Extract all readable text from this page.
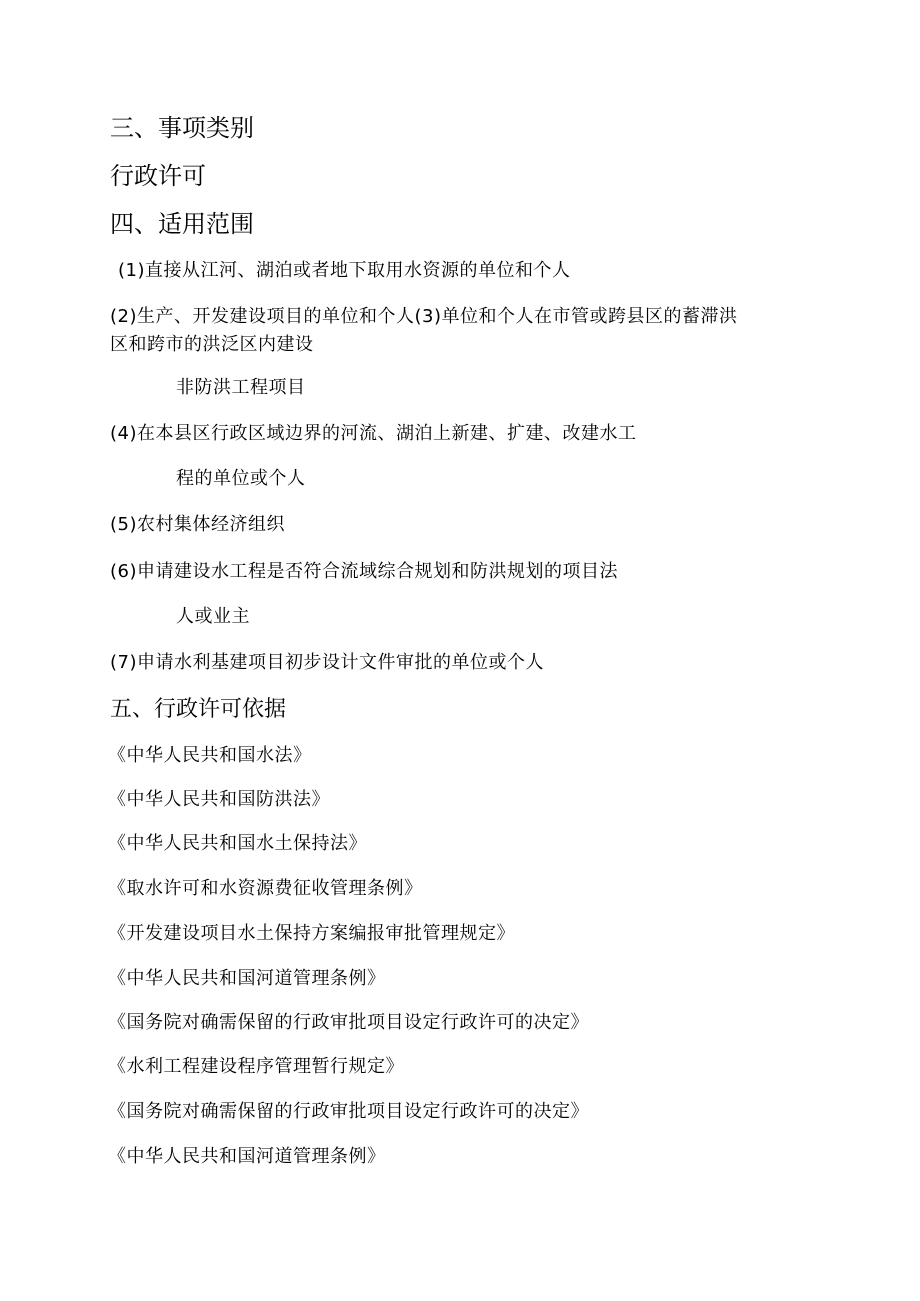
三、事项类别
行政许可
四、适用范围
(1)直接从江河、湖泊或者地下取用水资源的单位和个人
(2)生产、开发建设项目的单位和个人(3)单位和个人在市管或跨县区的蓄滞洪
区和跨市的洪泛区内建设
非防洪工程项目
(4)在本县区行政区域边界的河流、湖泊上新建、扩建、改建水工
程的单位或个人
(5)农村集体经济组织
(6)申请建设水工程是否符合流域综合规划和防洪规划的项目法
人或业主
(7)申请水利基建项目初步设计文件审批的单位或个人
五、行政许可依据
《中华人民共和国水法》
《中华人民共和国防洪法》
《中华人民共和国水土保持法》
《取水许可和水资源费征收管理条例》
《开发建设项目水土保持方案编报审批管理规定》
《中华人民共和国河道管理条例》
《国务院对确需保留的行政审批项目设定行政许可的决定》
《水利工程建设程序管理暂行规定》
《国务院对确需保留的行政审批项目设定行政许可的决定》
《中华人民共和国河道管理条例》
